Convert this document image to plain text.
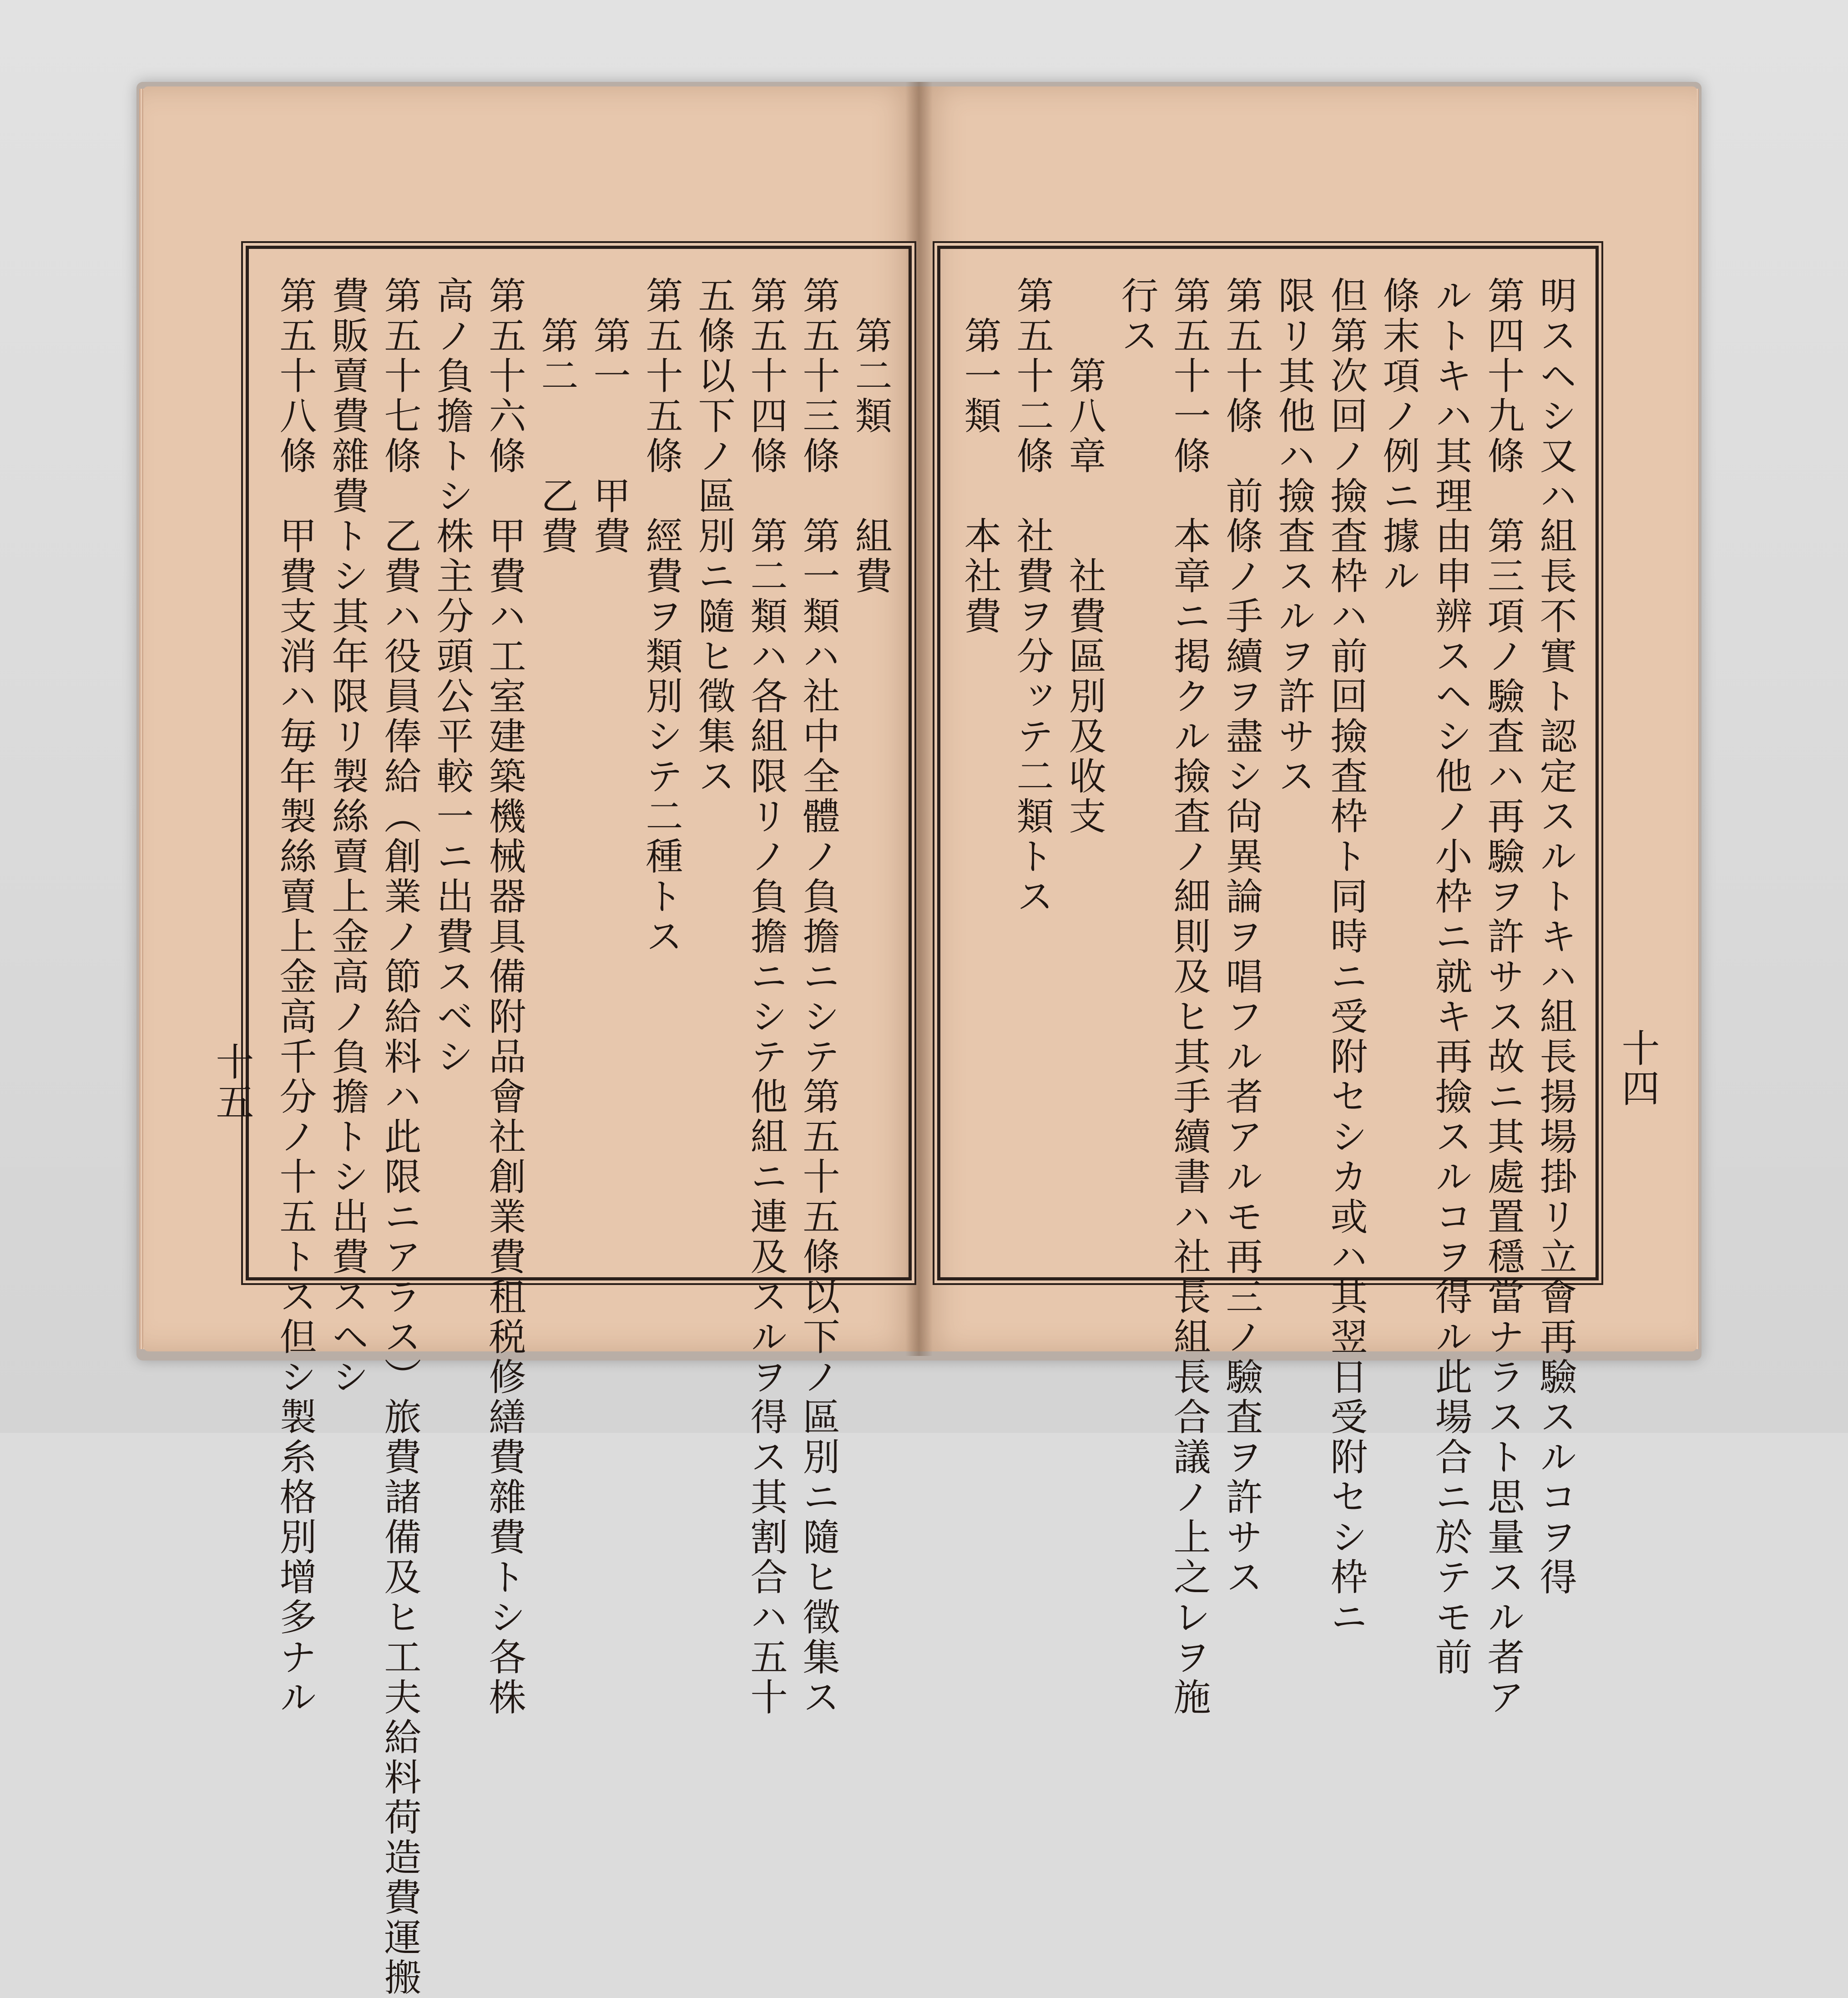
　第二類　　組費
第五十三條　第一類ハ社中全體ノ負擔ニシテ第五十五條以下ノ區別ニ隨ヒ徵集ス
第五十四條　第二類ハ各組限リノ負擔ニシテ他組ニ連及スルヲ得ス其割合ハ五十
五條以下ノ區別ニ隨ヒ徵集ス
第五十五條　經費ヲ類別シテ二種トス
　第一　　甲費
　第二　　乙費
第五十六條　甲費ハ工室建築機械器具備附品會社創業費租税修繕費雜費トシ各株
高ノ負擔トシ株主分頭公平較一ニ出費スベシ
第五十七條　乙費ハ役員俸給（創業ノ節給料ハ此限ニアラス）旅費諸備及ヒ工夫給料荷造費運搬
費販賣費雜費トシ其年限リ製絲賣上金高ノ負擔トシ出費スヘシ
第五十八條　甲費支消ハ毎年製絲賣上金高千分ノ十五トス但シ製糸格別增多ナル
十五	明スヘシ又ハ組長不實ト認定スルトキハ組長揚場掛リ立會再驗スルコヲ得
第四十九條　第三項ノ驗査ハ再驗ヲ許サス故ニ其處置穩當ナラスト思量スル者ア
ルトキハ其理由申辨スヘシ他ノ小枠ニ就キ再撿スルコヲ得ル此場合ニ於テモ前
條末項ノ例ニ據ル
但第次回ノ撿査枠ハ前回撿査枠ト同時ニ受附セシカ或ハ其翌日受附セシ枠ニ
限リ其他ハ撿査スルヲ許サス
第五十條　前條ノ手續ヲ盡シ尙異論ヲ唱フル者アルモ再三ノ驗査ヲ許サス
第五十一條　本章ニ掲クル撿査ノ細則及ヒ其手續書ハ社長組長合議ノ上之レヲ施
行ス
　　第八章　　社費區別及收支
第五十二條　社費ヲ分ッテ二類トス
　第一類　　本社費
十四
